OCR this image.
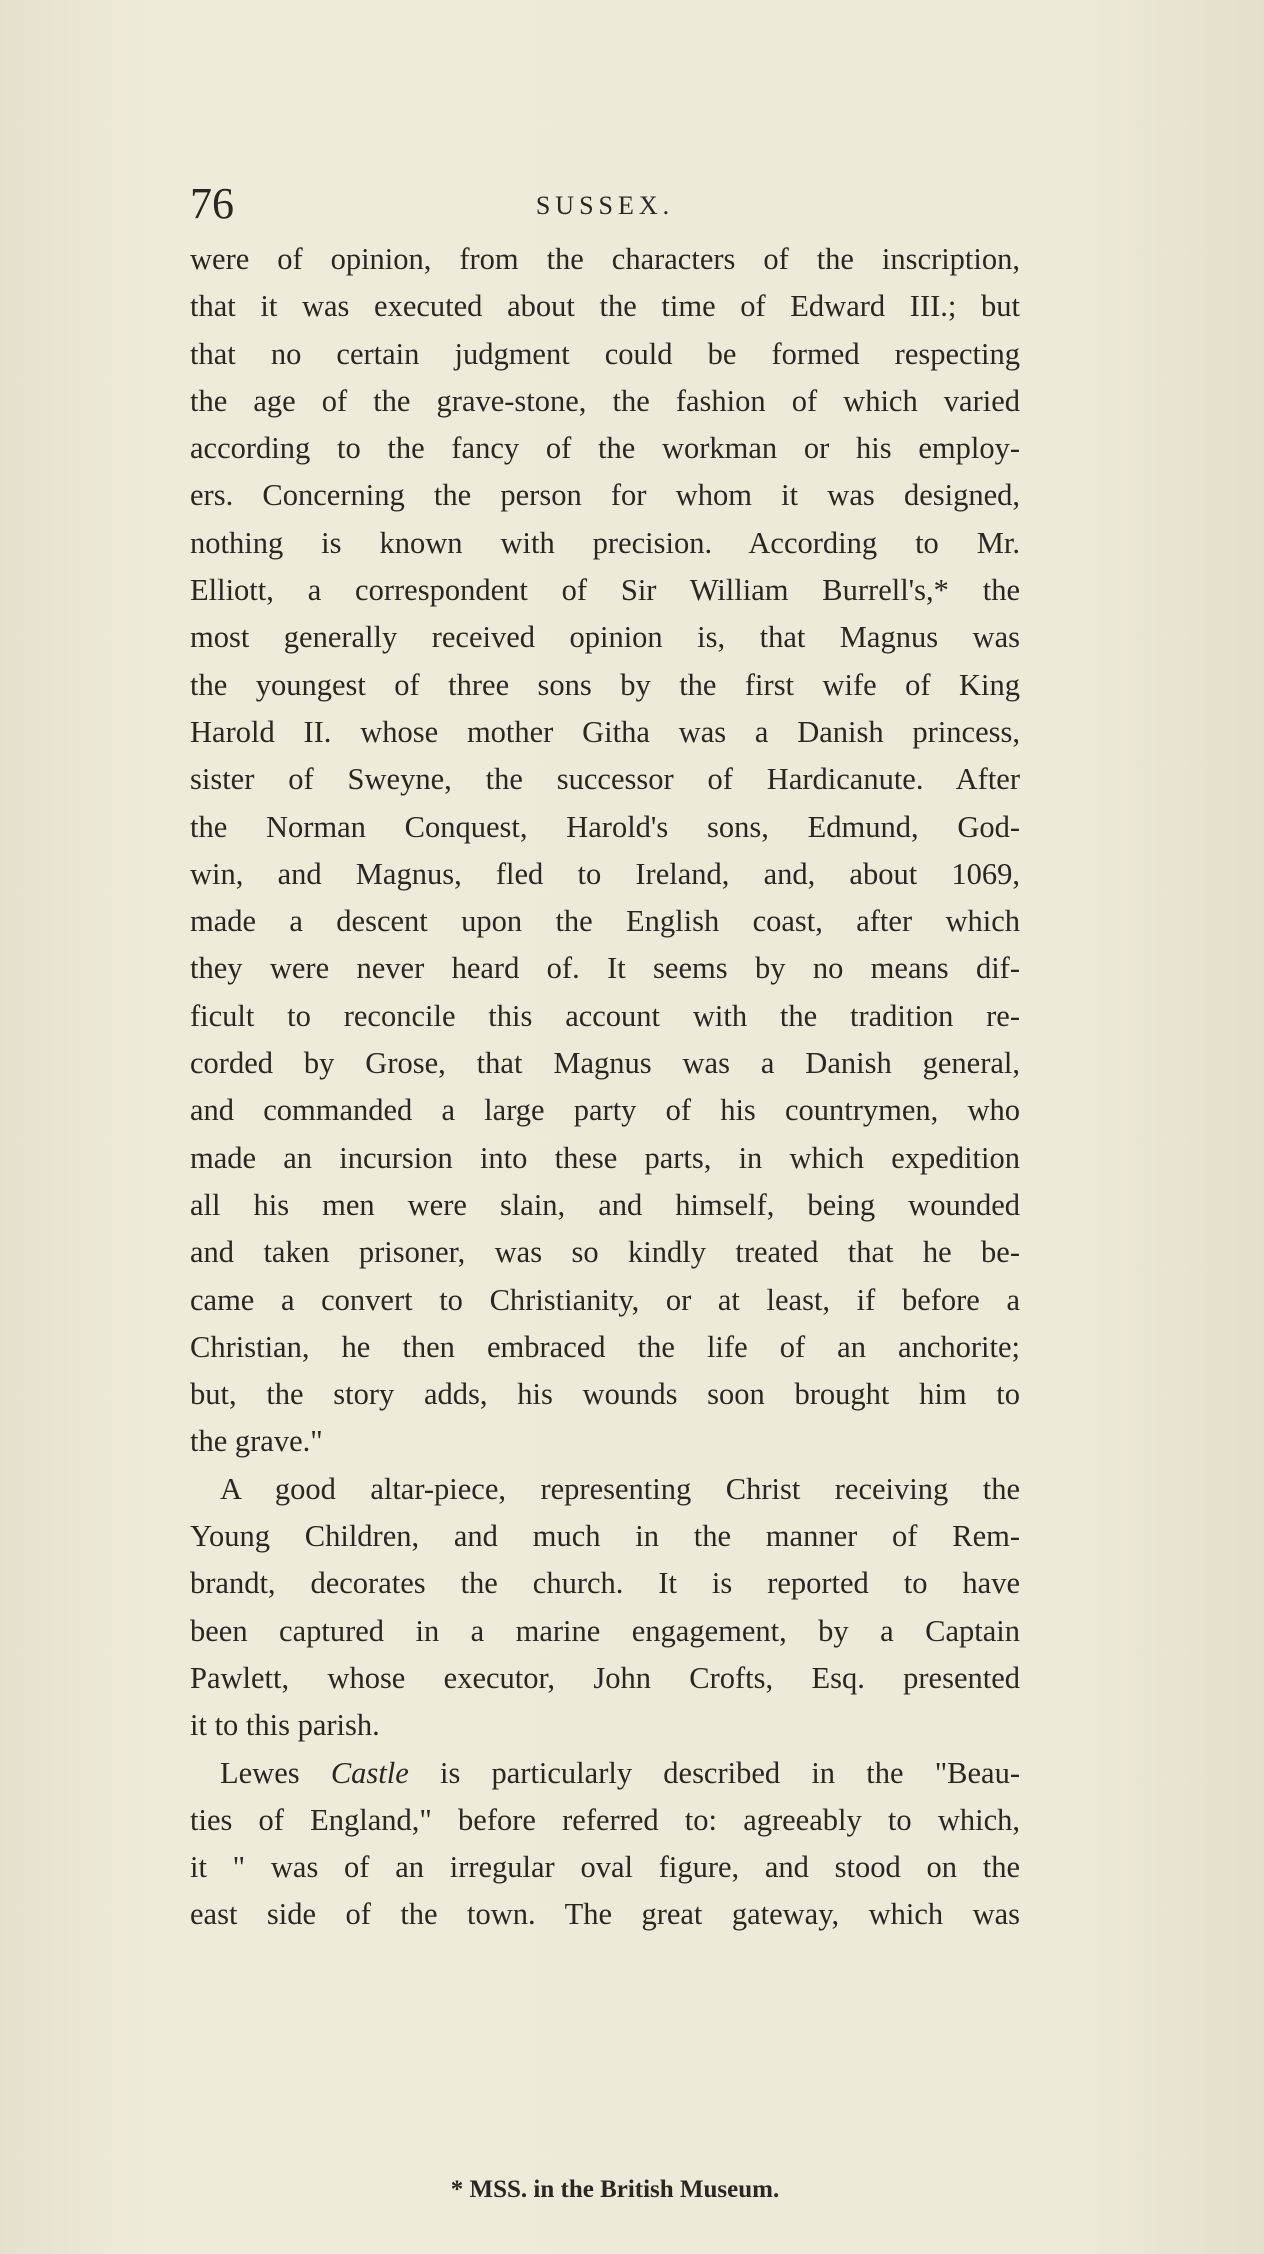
76	SUSSEX.
were of opinion, from the characters of the inscription,
that it was executed about the time of Edward III.; but
that no certain judgment could be formed respecting
the age of the grave-stone, the fashion of which varied
according to the fancy of the workman or his employ-
ers. Concerning the person for whom it was designed,
nothing is known with precision. According to Mr.
Elliott, a correspondent of Sir William Burrell's,* the
most generally received opinion is, that Magnus was
the youngest of three sons by the first wife of King
Harold II. whose mother Githa was a Danish princess,
sister of Sweyne, the successor of Hardicanute. After
the Norman Conquest, Harold's sons, Edmund, God-
win, and Magnus, fled to Ireland, and, about 1069,
made a descent upon the English coast, after which
they were never heard of. It seems by no means dif-
ficult to reconcile this account with the tradition re-
corded by Grose, that Magnus was a Danish general,
and commanded a large party of his countrymen, who
made an incursion into these parts, in which expedition
all his men were slain, and himself, being wounded
and taken prisoner, was so kindly treated that he be-
came a convert to Christianity, or at least, if before a
Christian, he then embraced the life of an anchorite;
but, the story adds, his wounds soon brought him to
the grave."
A good altar-piece, representing Christ receiving the
Young Children, and much in the manner of Rem-
brandt, decorates the church. It is reported to have
been captured in a marine engagement, by a Captain
Pawlett, whose executor, John Crofts, Esq. presented
it to this parish.
Lewes Castle is particularly described in the "Beau-
ties of England," before referred to: agreeably to which,
it " was of an irregular oval figure, and stood on the
east side of the town. The great gateway, which was
* MSS. in the British Museum.
